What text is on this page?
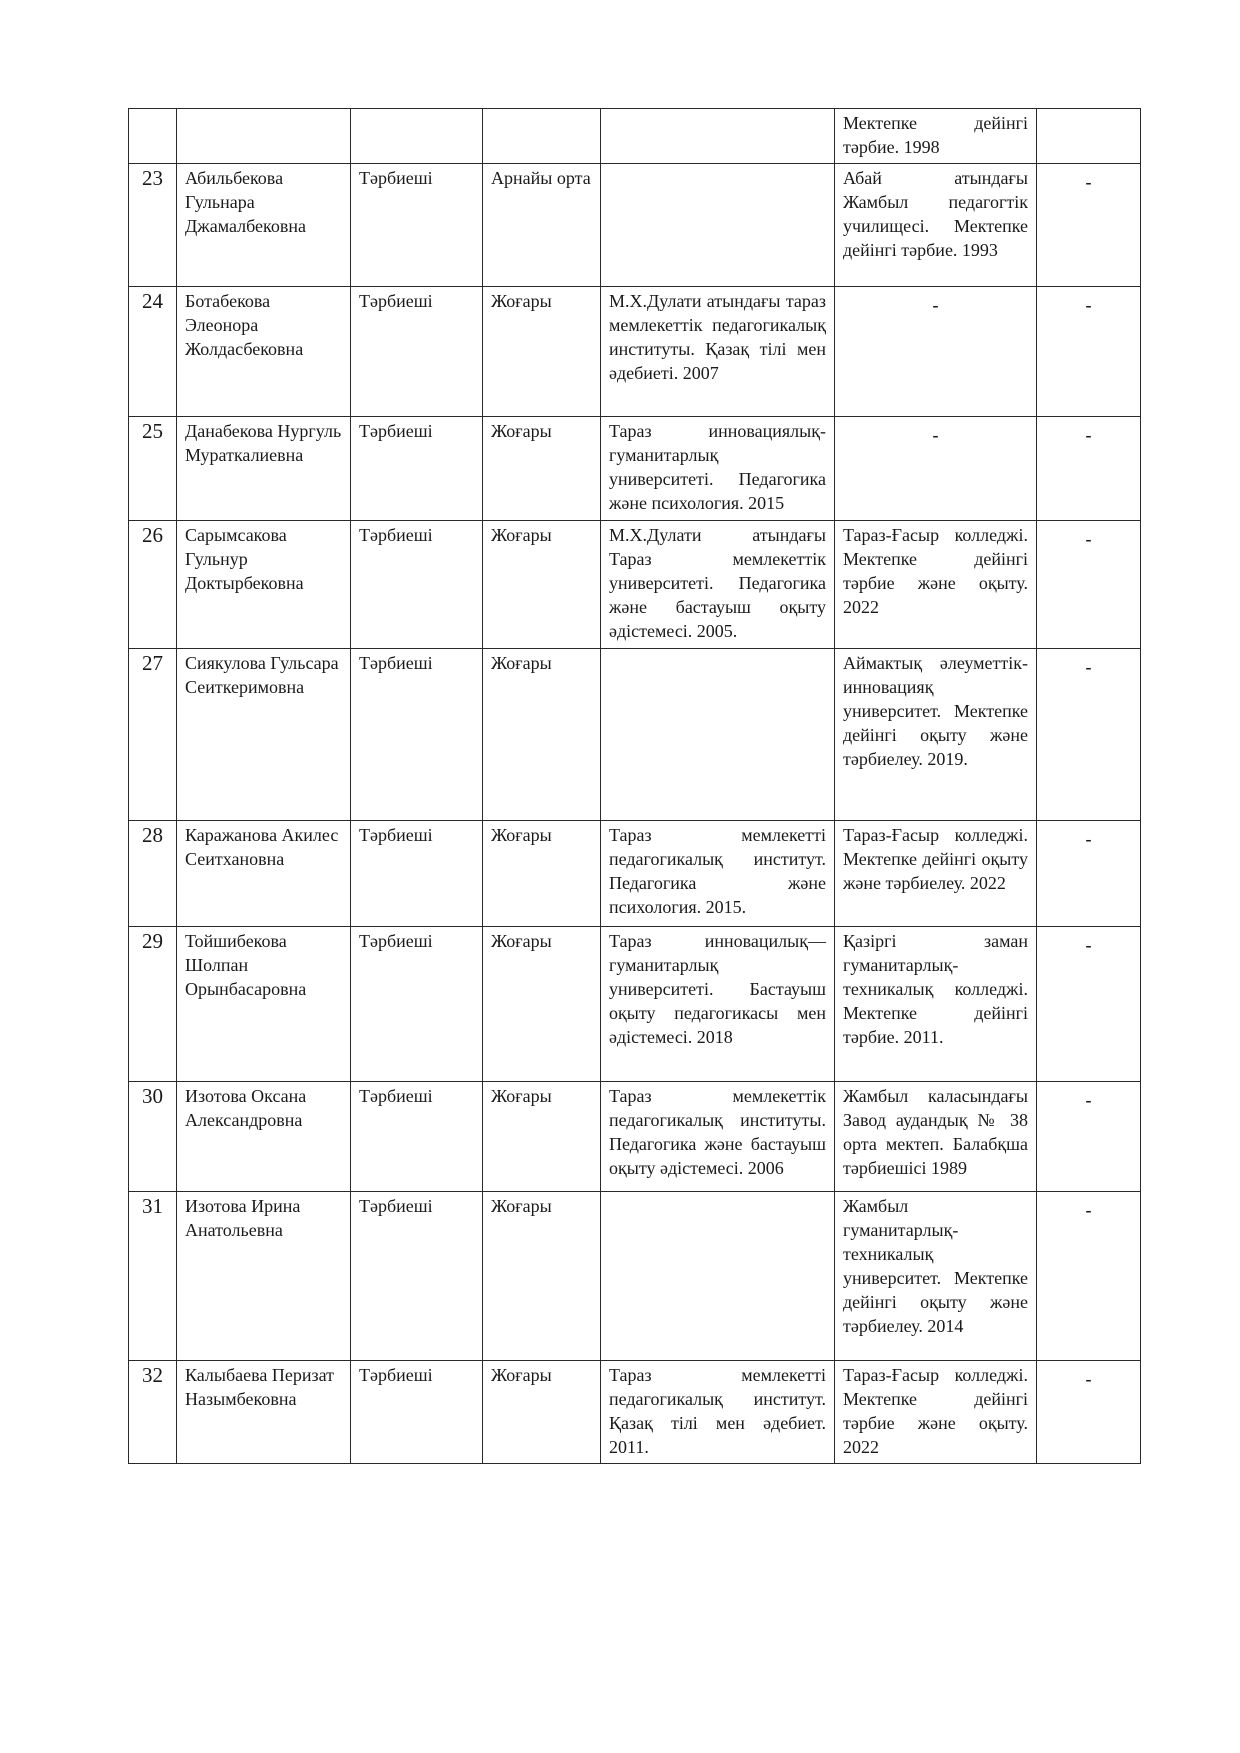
					Мектепке дейінгі тәрбие. 1998	
23	Абильбекова Гульнара Джамалбековна	Тәрбиеші	Арнайы орта		Абай атындағы Жамбыл педагогтік училищесі. Мектепке дейінгі тәрбие. 1993	-
24	Ботабекова Элеонора Жолдасбековна	Тәрбиеші	Жоғары	М.Х.Дулати атындағы тараз мемлекеттік педагогикалық институты. Қазақ тілі мен әдебиеті. 2007	-	-
25	Данабекова Нургуль Мураткалиевна	Тәрбиеші	Жоғары	Тараз инновациялық-гуманитарлық университеті. Педагогика және психология. 2015	-	-
26	Сарымсакова Гульнур Доктырбековна	Тәрбиеші	Жоғары	М.Х.Дулати атындағы Тараз мемлекеттік университеті. Педагогика және бастауыш оқыту әдістемесі. 2005.	Тараз-Ғасыр колледжі. Мектепке дейінгі тәрбие және оқыту. 2022	-
27	Сиякулова Гульсара Сеиткеримовна	Тәрбиеші	Жоғары		Аймактық әлеуметтік-инновацияқ университет. Мектепке дейінгі оқыту және тәрбиелеу. 2019.	-
28	Каражанова Акилес Сеитхановна	Тәрбиеші	Жоғары	Тараз мемлекетті педагогикалық институт. Педагогика және психология. 2015.	Тараз-Ғасыр колледжі. Мектепке дейінгі оқыту және тәрбиелеу. 2022	-
29	Тойшибекова Шолпан Орынбасаровна	Тәрбиеші	Жоғары	Тараз инновацилық—гуманитарлық университеті. Бастауыш оқыту педагогикасы мен әдістемесі. 2018	Қазіргі заман гуманитарлық-техникалық колледжі. Мектепке дейінгі тәрбие. 2011.	-
30	Изотова Оксана Александровна	Тәрбиеші	Жоғары	Тараз мемлекеттік педагогикалық институты. Педагогика және бастауыш оқыту әдістемесі. 2006	Жамбыл каласындағы Завод аудандық № 38 орта мектеп. Балабқша тәрбиешісі 1989	-
31	Изотова Ирина Анатольевна	Тәрбиеші	Жоғары		Жамбыл гуманитарлық-техникалық университет. Мектепке дейінгі оқыту және тәрбиелеу. 2014	-
32	Калыбаева Перизат Назымбековна	Тәрбиеші	Жоғары	Тараз мемлекетті педагогикалық институт. Қазақ тілі мен әдебиет. 2011.	Тараз-Ғасыр колледжі. Мектепке дейінгі тәрбие және оқыту. 2022	-
